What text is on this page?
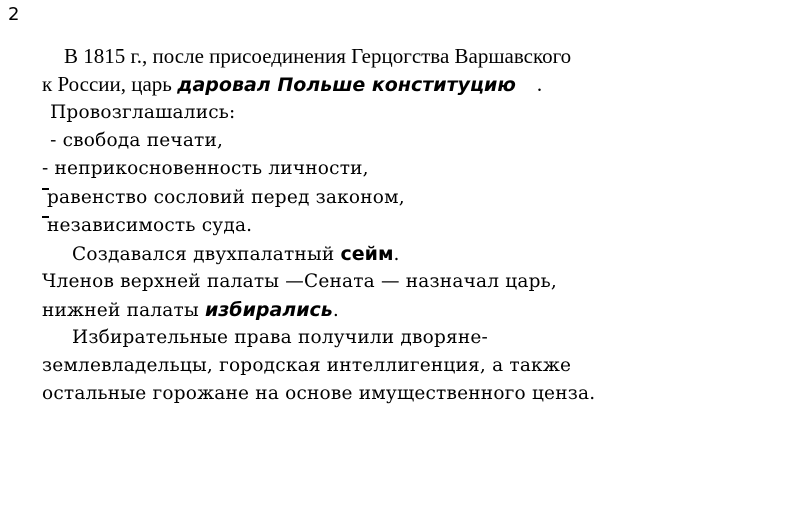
2
В 1815 г., после присоединения Герцогства Варшавского
к России, царь даровал Польше конституцию    .
Провозглашались:
- свобода печати,
- неприкосновенность личности,
равенство сословий перед законом,
независимость суда.
Создавался двухпалатный сейм.
Членов верхней палаты —Сената — назначал царь,
нижней палаты избирались.
Избирательные права получили дворяне-
землевладельцы, городская интеллигенция, а также
остальные горожане на основе имущественного ценза.
